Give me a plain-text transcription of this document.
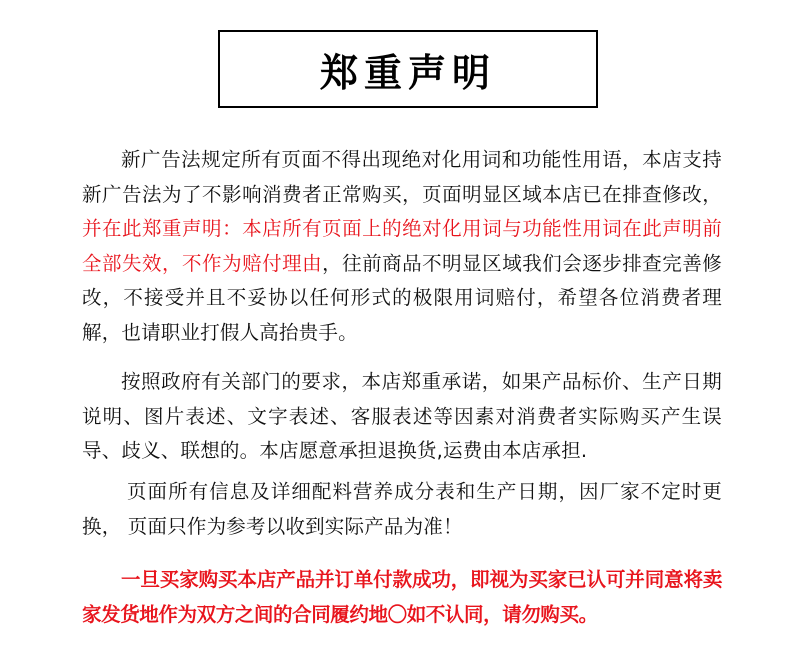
郑重声明
新广告法规定所有页面不得出现绝对化用词和功能性用语，本店支持新广告法为了不影响消费者正常购买，页面明显区域本店已在排查修改，并在此郑重声明：本店所有页面上的绝对化用词与功能性用词在此声明前全部失效，不作为赔付理由，往前商品不明显区域我们会逐步排查完善修改，不接受并且不妥协以任何形式的极限用词赔付，希望各位消费者理解，也请职业打假人高抬贵手。
按照政府有关部门的要求，本店郑重承诺，如果产品标价、生产日期说明、图片表述、文字表述、客服表述等因素对消费者实际购买产生误导、歧义、联想的。本店愿意承担退换货,运费由本店承担.
页面所有信息及详细配料营养成分表和生产日期，因厂家不定时更换， 页面只作为参考以收到实际产品为准！
一旦买家购买本店产品并订单付款成功，即视为买家已认可并同意将卖家发货地作为双方之间的合同履约地〇如不认同，请勿购买。
